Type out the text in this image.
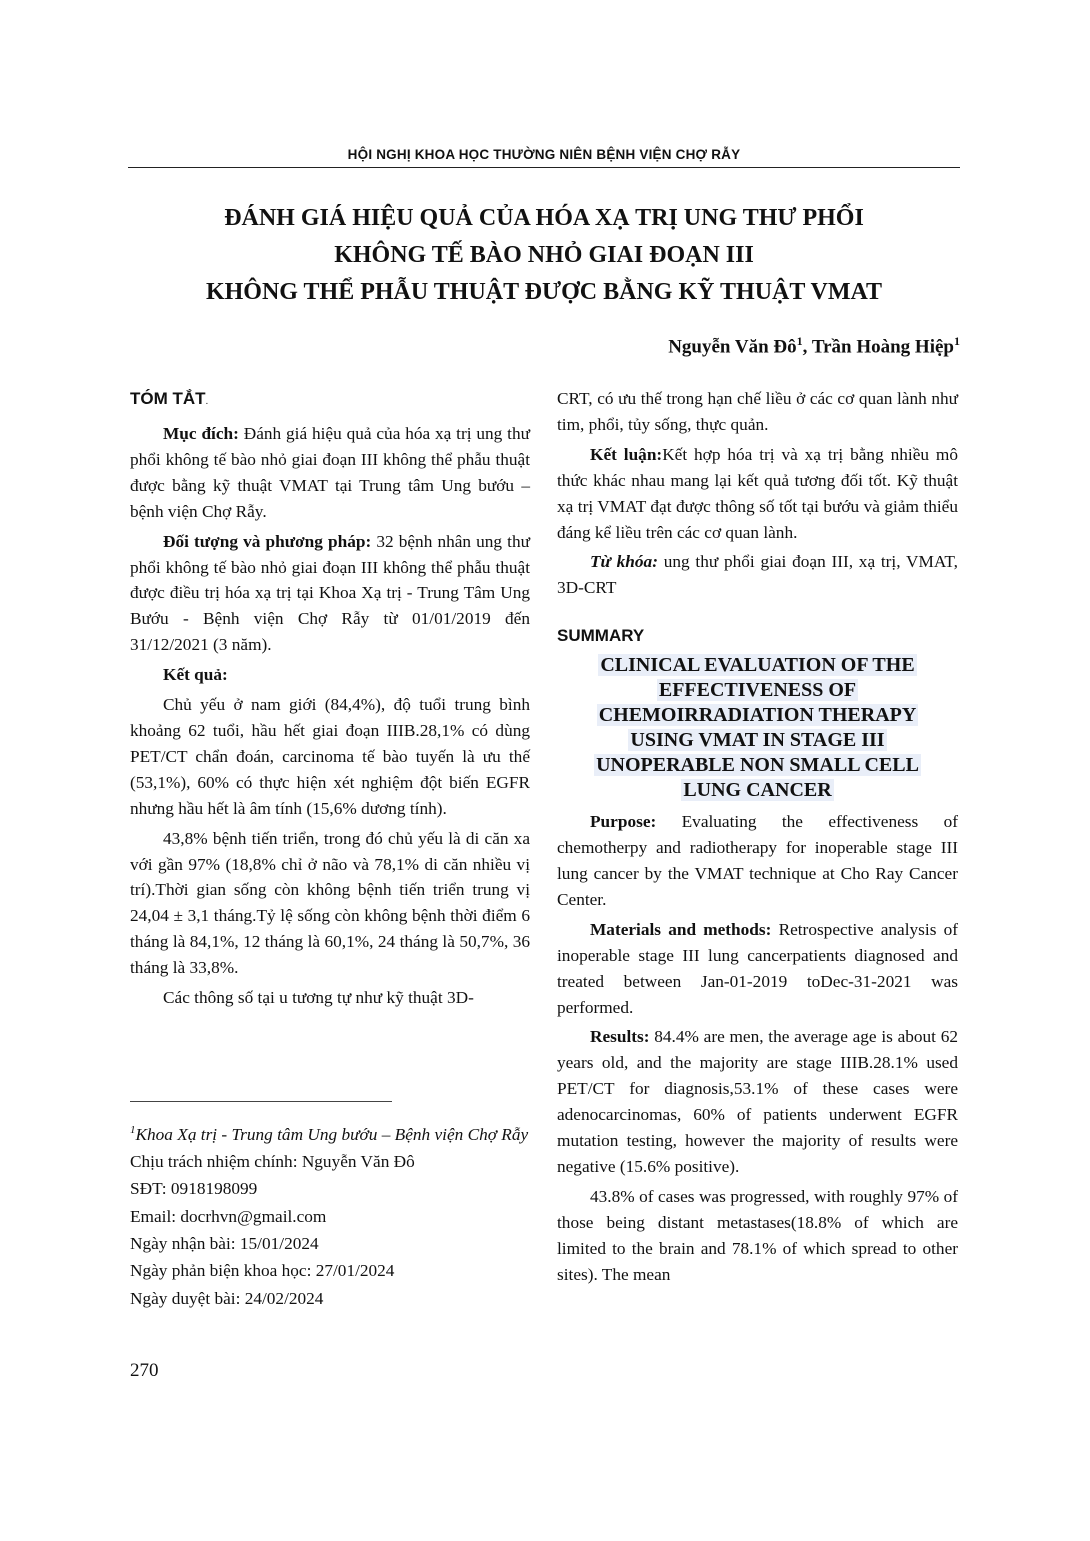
HỘI NGHỊ KHOA HỌC THƯỜNG NIÊN BỆNH VIỆN CHỢ RẪY
ĐÁNH GIÁ HIỆU QUẢ CỦA HÓA XẠ TRỊ UNG THƯ PHỔI
KHÔNG TẾ BÀO NHỎ GIAI ĐOẠN III
KHÔNG THỂ PHẪU THUẬT ĐƯỢC BẰNG KỸ THUẬT VMAT
Nguyễn Văn $Đô^1$, Trần Hoàng Hiệp$^1$
TÓM TẮT.

Mục đích: Đánh giá hiệu quả của hóa xạ trị ung thư phổi không tế bào nhỏ giai đoạn III không thể phẫu thuật được bằng kỹ thuật VMAT tại Trung tâm Ung bướu – bệnh viện Chợ Rẫy.

Đối tượng và phương pháp: 32 bệnh nhân ung thư phổi không tế bào nhỏ giai đoạn III không thể phẫu thuật được điều trị hóa xạ trị tại Khoa Xạ trị - Trung Tâm Ung Bướu - Bệnh viện Chợ Rẫy từ 01/01/2019 đến 31/12/2021 (3 năm).

Kết quả:

Chủ yếu ở nam giới (84,4%), độ tuổi trung bình khoảng 62 tuổi, hầu hết giai đoạn IIIB.28,1% có dùng PET/CT chẩn đoán, carcinoma tế bào tuyến là ưu thế (53,1%), 60% có thực hiện xét nghiệm đột biến EGFR nhưng hầu hết là âm tính (15,6% dương tính).

43,8% bệnh tiến triển, trong đó chủ yếu là di căn xa với gần 97% (18,8% chỉ ở não và 78,1% di căn nhiều vị trí).Thời gian sống còn không bệnh tiến triển trung vị 24,04 ± 3,1 tháng.Tỷ lệ sống còn không bệnh thời điểm 6 tháng là 84,1%, 12 tháng là 60,1%, 24 tháng là 50,7%, 36 tháng là 33,8%.

Các thông số tại u tương tự như kỹ thuật 3D-

CRT, có ưu thế trong hạn chế liều ở các cơ quan lành như tim, phổi, tủy sống, thực quản.

Kết luận:Kết hợp hóa trị và xạ trị bằng nhiều mô thức khác nhau mang lại kết quả tương đối tốt. Kỹ thuật xạ trị VMAT đạt được thông số tốt tại bướu và giảm thiểu đáng kể liều trên các cơ quan lành.

Từ khóa: ung thư phổi giai đoạn III, xạ trị, VMAT, 3D-CRT

SUMMARY
CLINICAL EVALUATION OF THE
EFFECTIVENESS OF
CHEMOIRRADIATION THERAPY
USING VMAT IN STAGE III
UNOPERABLE NON SMALL CELL
LUNG CANCER

Purpose: Evaluating the effectiveness of chemotherpy and radiotherapy for inoperable stage III lung cancer by the VMAT technique at Cho Ray Cancer Center.

Materials and methods: Retrospective analysis of inoperable stage III lung cancerpatients diagnosed and treated between Jan-01-2019 toDec-31-2021 was performed.

Results: 84.4% are men, the average age is about 62 years old, and the majority are stage IIIB.28.1% used PET/CT for diagnosis,53.1% of these cases were adenocarcinomas, 60% of patients underwent EGFR mutation testing, however the majority of results were negative (15.6% positive).

43.8% of cases was progressed, with roughly 97% of those being distant metastases(18.8% of which are limited to the brain and 78.1% of which spread to other sites). The mean

$^1$Khoa Xạ trị - Trung tâm Ung bướu – Bệnh viện Chợ Rẫy
Chịu trách nhiệm chính: Nguyễn Văn Đô
SĐT: 0918198099
Email: docrhvn@gmail.com
Ngày nhận bài: 15/01/2024
Ngày phản biện khoa học: 27/01/2024
Ngày duyệt bài: 24/02/2024
270
